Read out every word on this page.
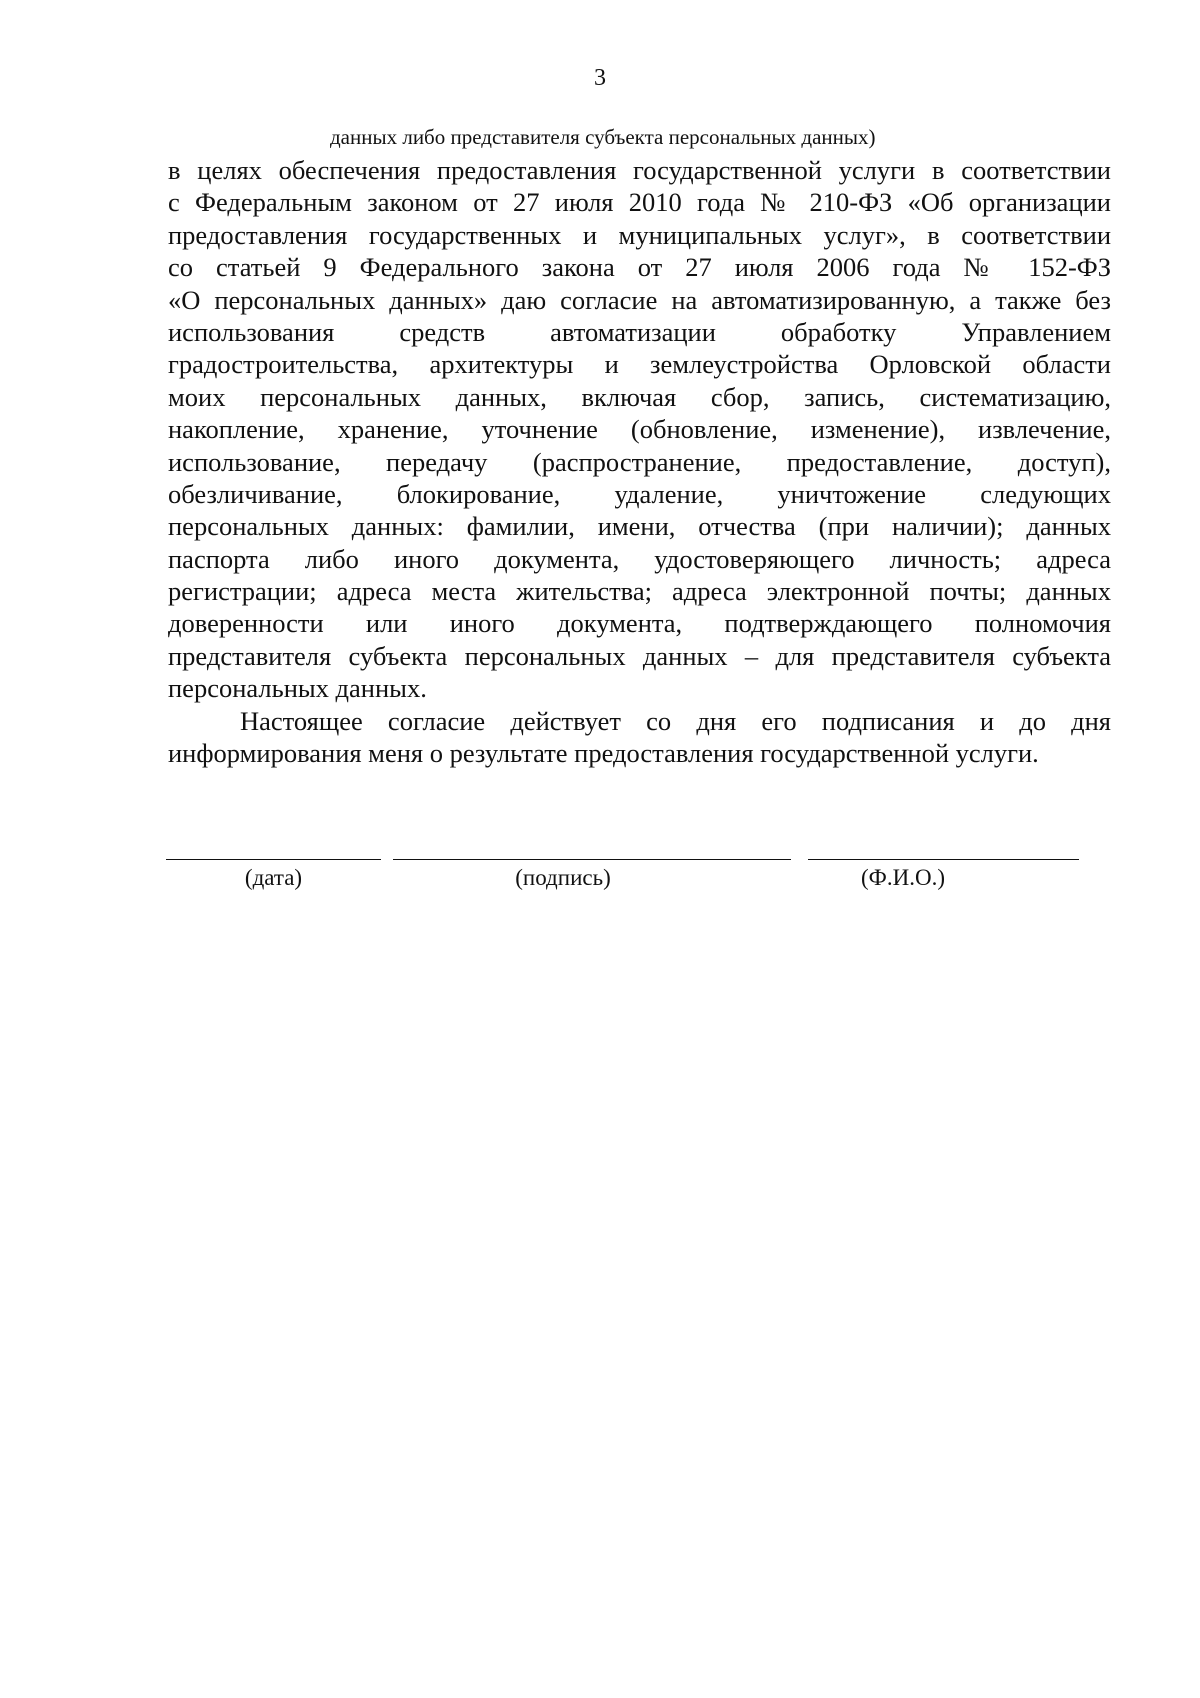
3
данных либо представителя субъекта персональных данных)
в целях обеспечения предоставления государственной услуги в соответствии
с Федеральным законом от 27 июля 2010 года № 210-ФЗ «Об организации
предоставления государственных и муниципальных услуг», в соответствии
со статьей 9 Федерального закона от 27 июля 2006 года № 152-ФЗ
«О персональных данных» даю согласие на автоматизированную, а также без
использования средств автоматизации обработку Управлением
градостроительства, архитектуры и землеустройства Орловской области
моих персональных данных, включая сбор, запись, систематизацию,
накопление, хранение, уточнение (обновление, изменение), извлечение,
использование, передачу (распространение, предоставление, доступ),
обезличивание, блокирование, удаление, уничтожение следующих
персональных данных: фамилии, имени, отчества (при наличии); данных
паспорта либо иного документа, удостоверяющего личность; адреса
регистрации; адреса места жительства; адреса электронной почты; данных
доверенности или иного документа, подтверждающего полномочия
представителя субъекта персональных данных – для представителя субъекта
персональных данных.
Настоящее согласие действует со дня его подписания и до дня
информирования меня о результате предоставления государственной услуги.
(дата)	(подпись)	(Ф.И.О.)
